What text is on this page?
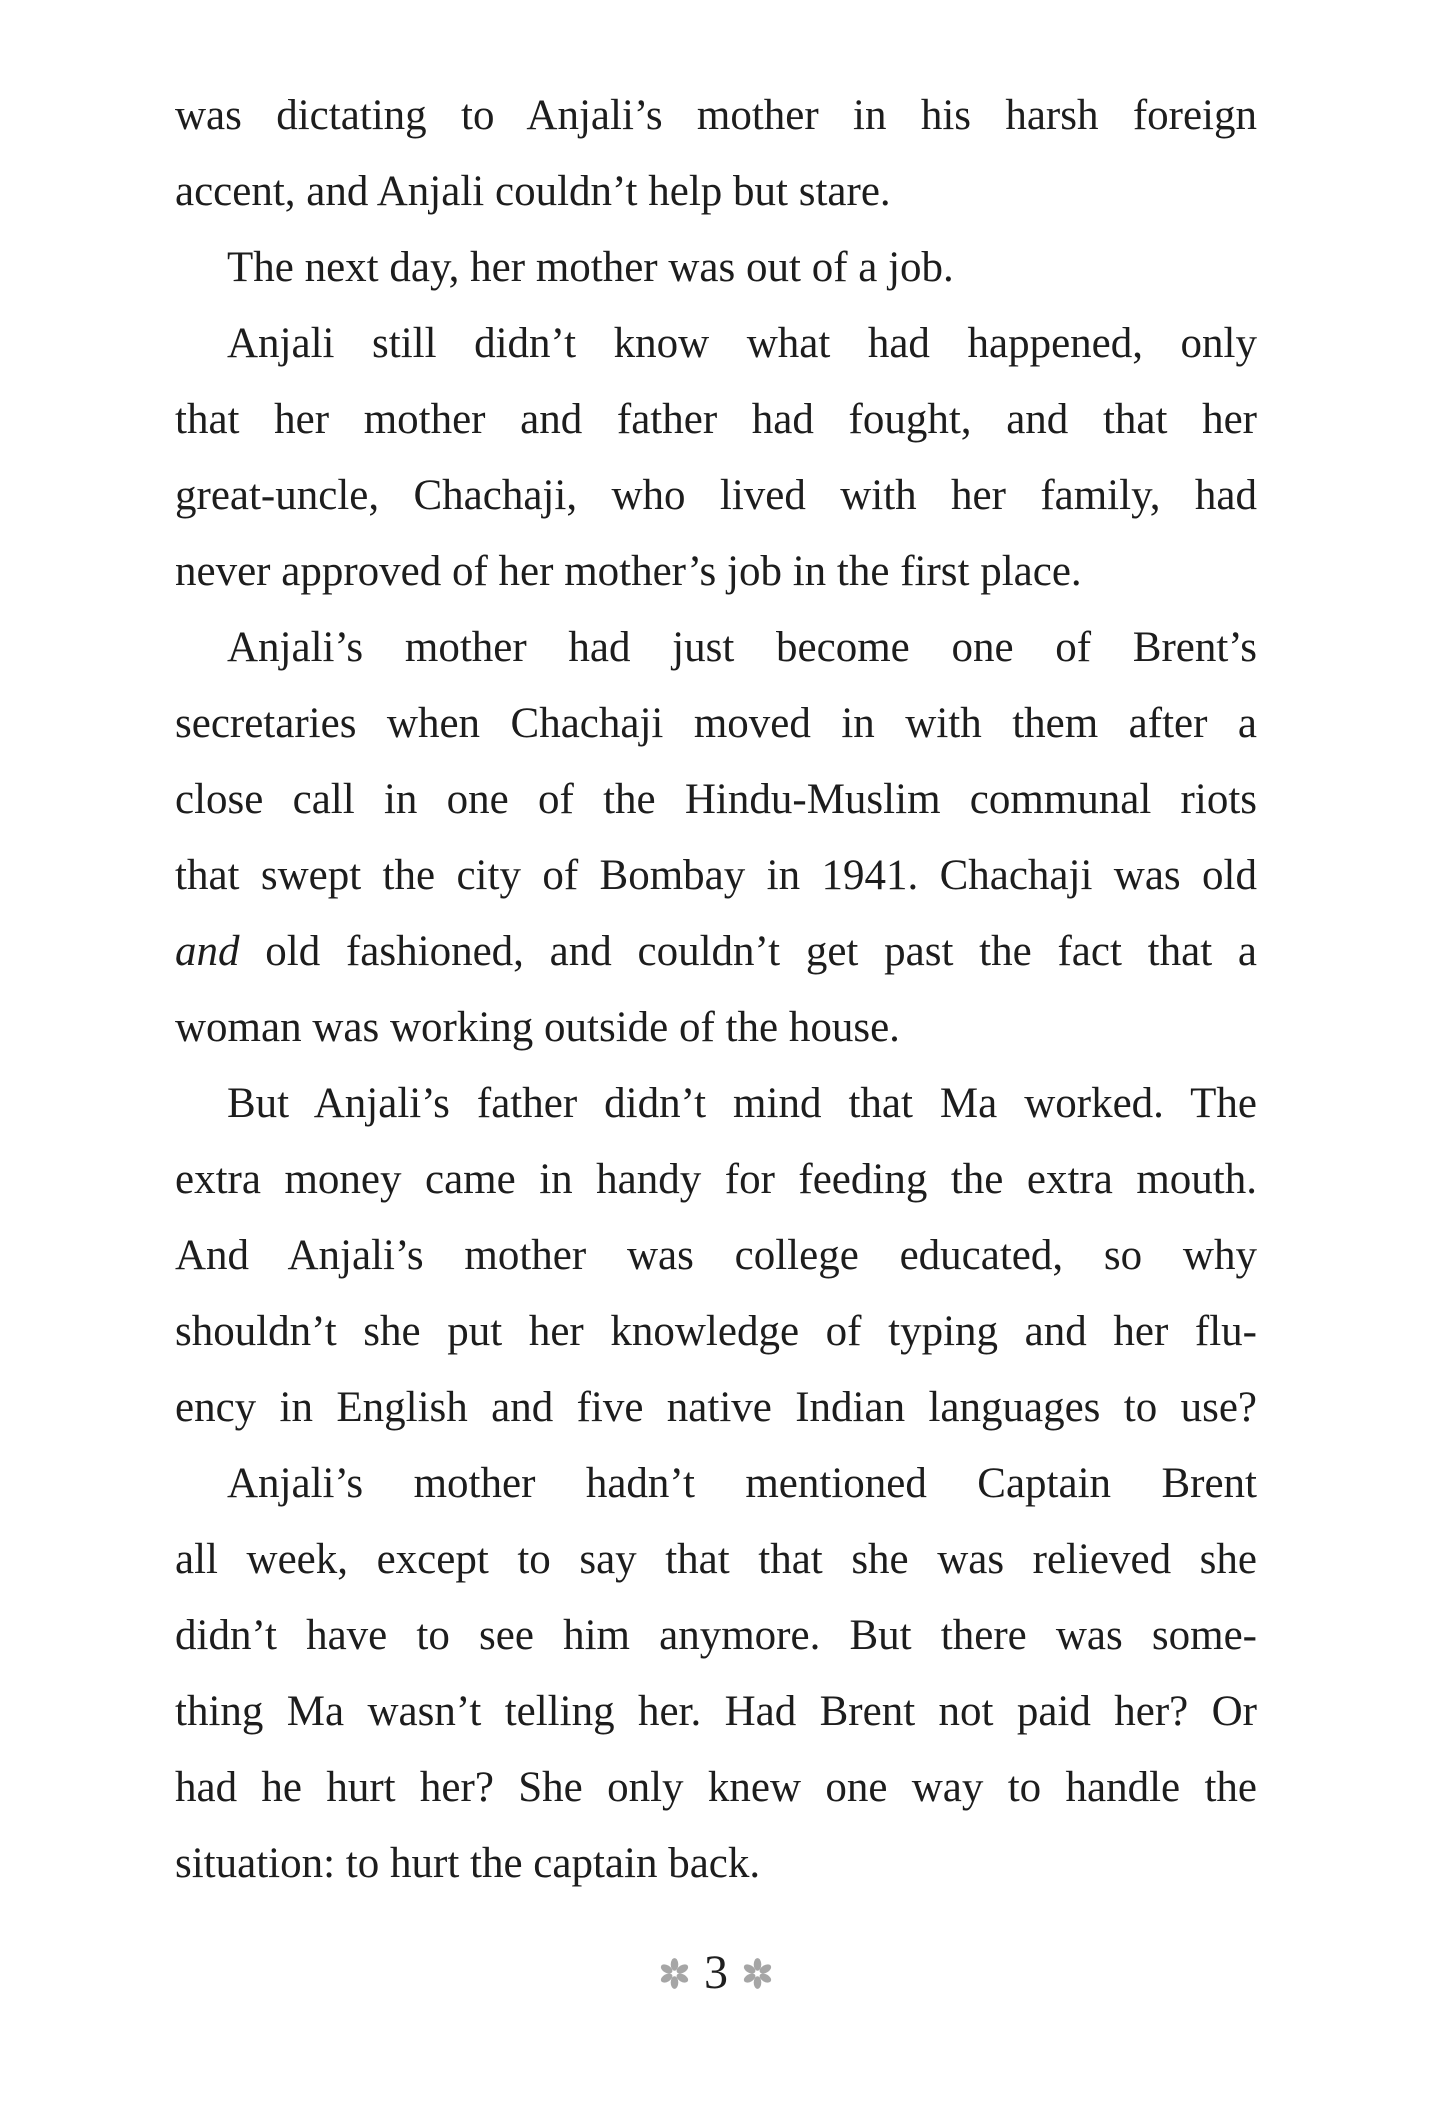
was dictating to Anjali’s mother in his harsh foreign
accent, and Anjali couldn’t help but stare.
The next day, her mother was out of a job.
Anjali still didn’t know what had happened, only
that her mother and father had fought, and that her
great-uncle, Chachaji, who lived with her family, had
never approved of her mother’s job in the first place.
Anjali’s mother had just become one of Brent’s
secretaries when Chachaji moved in with them after a
close call in one of the Hindu-Muslim communal riots
that swept the city of Bombay in 1941. Chachaji was old
and old fashioned, and couldn’t get past the fact that a
woman was working outside of the house.
But Anjali’s father didn’t mind that Ma worked. The
extra money came in handy for feeding the extra mouth.
And Anjali’s mother was college educated, so why
shouldn’t she put her knowledge of typing and her flu-
ency in English and five native Indian languages to use?
Anjali’s mother hadn’t mentioned Captain Brent
all week, except to say that that she was relieved she
didn’t have to see him anymore. But there was some-
thing Ma wasn’t telling her. Had Brent not paid her? Or
had he hurt her? She only knew one way to handle the
situation: to hurt the captain back.
3
